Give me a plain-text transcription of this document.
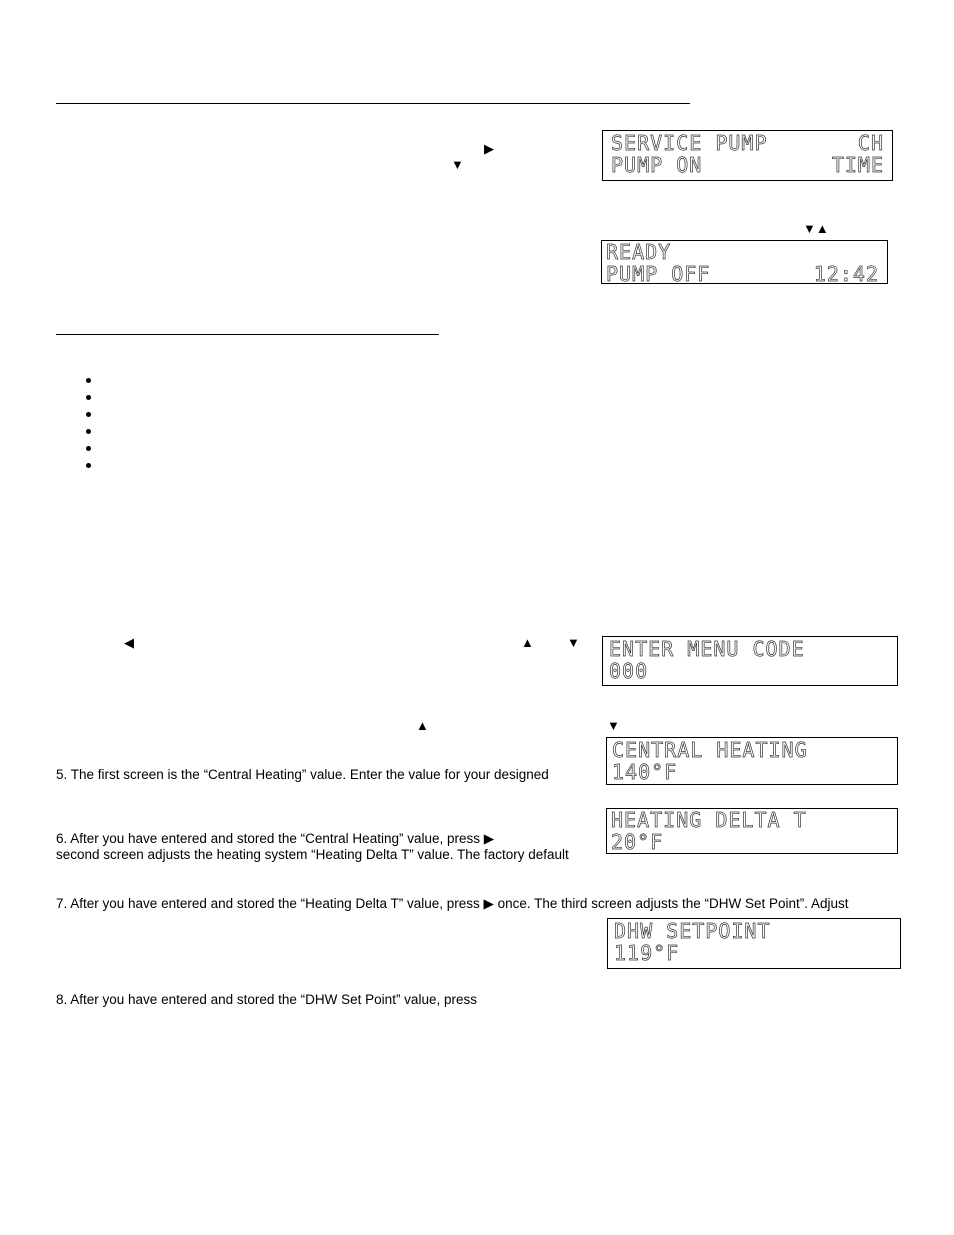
▶
▼
▼▲
◀	▲	▼
▲	▼
SERVICE PUMP	CH
PUMP ON	TIME
READY
PUMP OFF	12:42
ENTER MENU CODE
000
CENTRAL HEATING
140°F
HEATING DELTA T
20°F
DHW SETPOINT
119°F
5. The first screen is the “Central Heating” value. Enter the value for your designed
6. After you have entered and stored the “Central Heating” value, press ▶
second screen adjusts the heating system “Heating Delta T” value. The factory default
7. After you have entered and stored the “Heating Delta T” value, press ▶ once. The third screen adjusts the “DHW Set Point”. Adjust
8. After you have entered and stored the “DHW Set Point” value, press
